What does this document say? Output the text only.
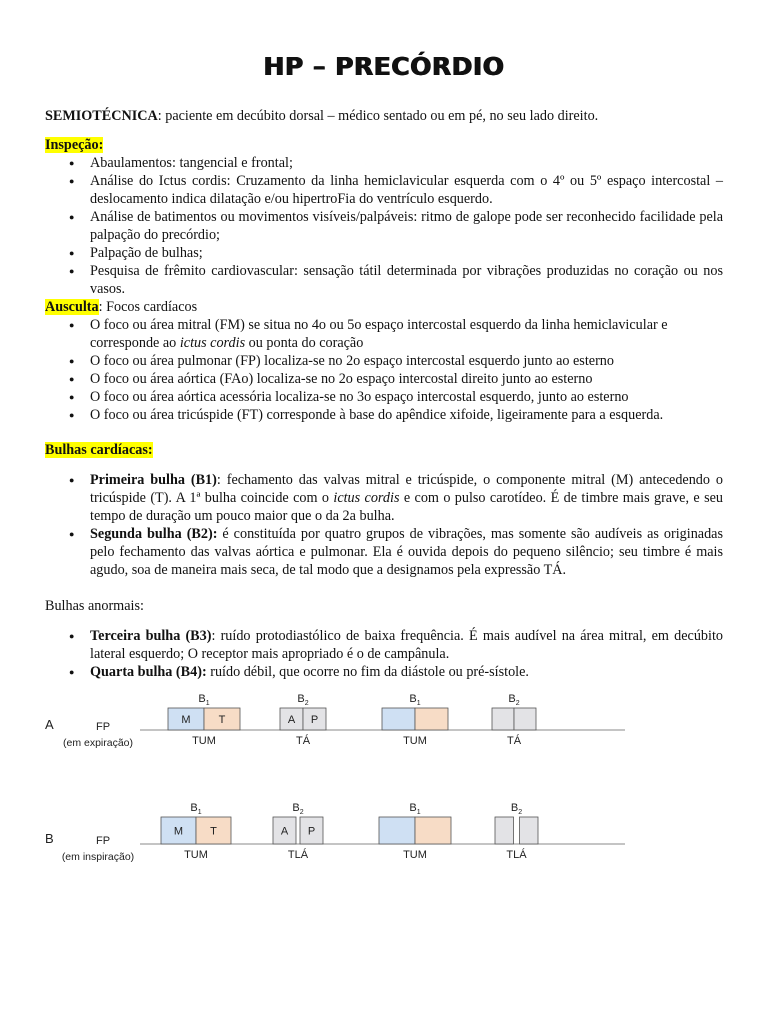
HP – PRECÓRDIO
SEMIOTÉCNICA: paciente em decúbito dorsal – médico sentado ou em pé, no seu lado direito.

Inspeção:

● Abaulamentos: tangencial e frontal;
● Análise do Ictus cordis: Cruzamento da linha hemiclavicular esquerda com o 4º ou 5º espaço intercostal – deslocamento indica dilatação e/ou hipertroFia do ventrículo esquerdo.
● Análise de batimentos ou movimentos visíveis/palpáveis: ritmo de galope pode ser reconhecido facilidade pela palpação do precórdio;
● Palpação de bulhas;
● Pesquisa de frêmito cardiovascular: sensação tátil determinada por vibrações produzidas no coração ou nos vasos.

Ausculta: Focos cardíacos

● O foco ou área mitral (FM) se situa no 4o ou 5o espaço intercostal esquerdo da linha hemiclavicular e corresponde ao ictus cordis ou ponta do coração
● O foco ou área pulmonar (FP) localiza-se no 2o espaço intercostal esquerdo junto ao esterno
● O foco ou área aórtica (FAo) localiza-se no 2o espaço intercostal direito junto ao esterno
● O foco ou área aórtica acessória localiza-se no 3o espaço intercostal esquerdo, junto ao esterno
● O foco ou área tricúspide (FT) corresponde à base do apêndice xifoide, ligeiramente para a esquerda.

Bulhas cardíacas:

● Primeira bulha (B1): fechamento das valvas mitral e tricúspide, o componente mitral (M) antecedendo o tricúspide (T). A 1ª bulha coincide com o ictus cordis e com o pulso carotídeo. É de timbre mais grave, e seu tempo de duração um pouco maior que o da 2a bulha.
● Segunda bulha (B2): é constituída por quatro grupos de vibrações, mas somente são audíveis as originadas pelo fechamento das valvas aórtica e pulmonar. Ela é ouvida depois do pequeno silêncio; seu timbre é mais agudo, soa de maneira mais seca, de tal modo que a designamos pela expressão TÁ.

Bulhas anormais:

● Terceira bulha (B3): ruído protodiastólico de baixa frequência. É mais audível na área mitral, em decúbito lateral esquerdo; O receptor mais apropriado é o de campânula.
● Quarta bulha (B4): ruído débil, que ocorre no fim da diástole ou pré-sístole.
A	FP
(em expiração)
M	T
$B_1$
TUM
A P
$B_2$
TÁ
$B_1$
TUM
$B_2$
TÁ
B	FP
(em inspiração)
M T
$B_1$
TUM
A P
$B_2$
TLÁ
$B_1$
TUM
$B_2$
TLÁ
